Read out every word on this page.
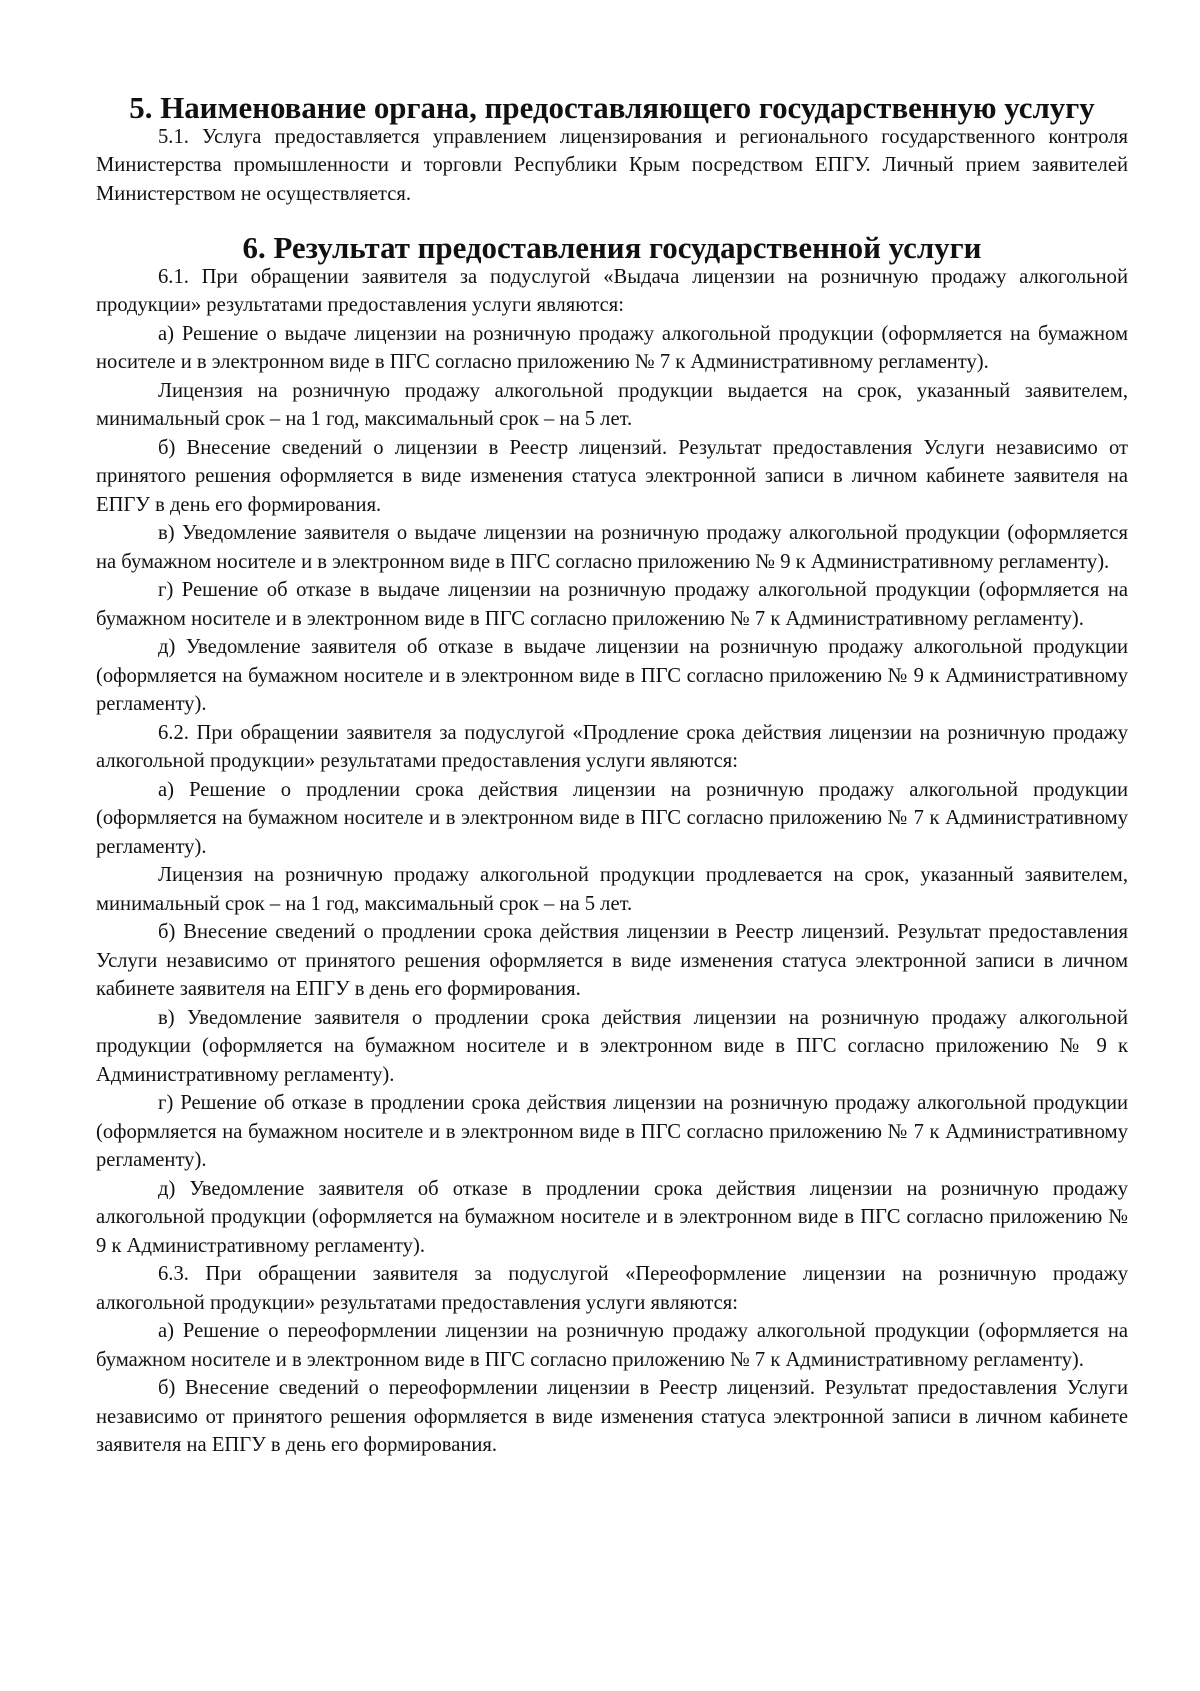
5. Наименование органа, предоставляющего государственную услугу

5.1. Услуга предоставляется управлением лицензирования и регионального государственного контроля Министерства промышленности и торговли Республики Крым посредством ЕПГУ. Личный прием заявителей Министерством не осуществляется.

6. Результат предоставления государственной услуги

6.1. При обращении заявителя за подуслугой «Выдача лицензии на розничную продажу алкогольной продукции» результатами предоставления услуги являются:

а) Решение о выдаче лицензии на розничную продажу алкогольной продукции (оформляется на бумажном носителе и в электронном виде в ПГС согласно приложению № 7 к Административному регламенту).

Лицензия на розничную продажу алкогольной продукции выдается на срок, указанный заявителем, минимальный срок – на 1 год, максимальный срок – на 5 лет.

б) Внесение сведений о лицензии в Реестр лицензий. Результат предоставления Услуги независимо от принятого решения оформляется в виде изменения статуса электронной записи в личном кабинете заявителя на ЕПГУ в день его формирования.

в) Уведомление заявителя о выдаче лицензии на розничную продажу алкогольной продукции (оформляется на бумажном носителе и в электронном виде в ПГС согласно приложению № 9 к Административному регламенту).

г) Решение об отказе в выдаче лицензии на розничную продажу алкогольной продукции (оформляется на бумажном носителе и в электронном виде в ПГС согласно приложению № 7 к Административному регламенту).

д) Уведомление заявителя об отказе в выдаче лицензии на розничную продажу алкогольной продукции (оформляется на бумажном носителе и в электронном виде в ПГС согласно приложению № 9 к Административному регламенту).

6.2. При обращении заявителя за подуслугой «Продление срока действия лицензии на розничную продажу алкогольной продукции» результатами предоставления услуги являются:

а) Решение о продлении срока действия лицензии на розничную продажу алкогольной продукции (оформляется на бумажном носителе и в электронном виде в ПГС согласно приложению № 7 к Административному регламенту).

Лицензия на розничную продажу алкогольной продукции продлевается на срок, указанный заявителем, минимальный срок – на 1 год, максимальный срок – на 5 лет.

б) Внесение сведений о продлении срока действия лицензии в Реестр лицензий. Результат предоставления Услуги независимо от принятого решения оформляется в виде изменения статуса электронной записи в личном кабинете заявителя на ЕПГУ в день его формирования.

в) Уведомление заявителя о продлении срока действия лицензии на розничную продажу алкогольной продукции (оформляется на бумажном носителе и в электронном виде в ПГС согласно приложению № 9 к Административному регламенту).

г) Решение об отказе в продлении срока действия лицензии на розничную продажу алкогольной продукции (оформляется на бумажном носителе и в электронном виде в ПГС согласно приложению № 7 к Административному регламенту).

д) Уведомление заявителя об отказе в продлении срока действия лицензии на розничную продажу алкогольной продукции (оформляется на бумажном носителе и в электронном виде в ПГС согласно приложению № 9 к Административному регламенту).

6.3. При обращении заявителя за подуслугой «Переоформление лицензии на розничную продажу алкогольной продукции» результатами предоставления услуги являются:

а) Решение о переоформлении лицензии на розничную продажу алкогольной продукции (оформляется на бумажном носителе и в электронном виде в ПГС согласно приложению № 7 к Административному регламенту).

б) Внесение сведений о переоформлении лицензии в Реестр лицензий. Результат предоставления Услуги независимо от принятого решения оформляется в виде изменения статуса электронной записи в личном кабинете заявителя на ЕПГУ в день его формирования.
